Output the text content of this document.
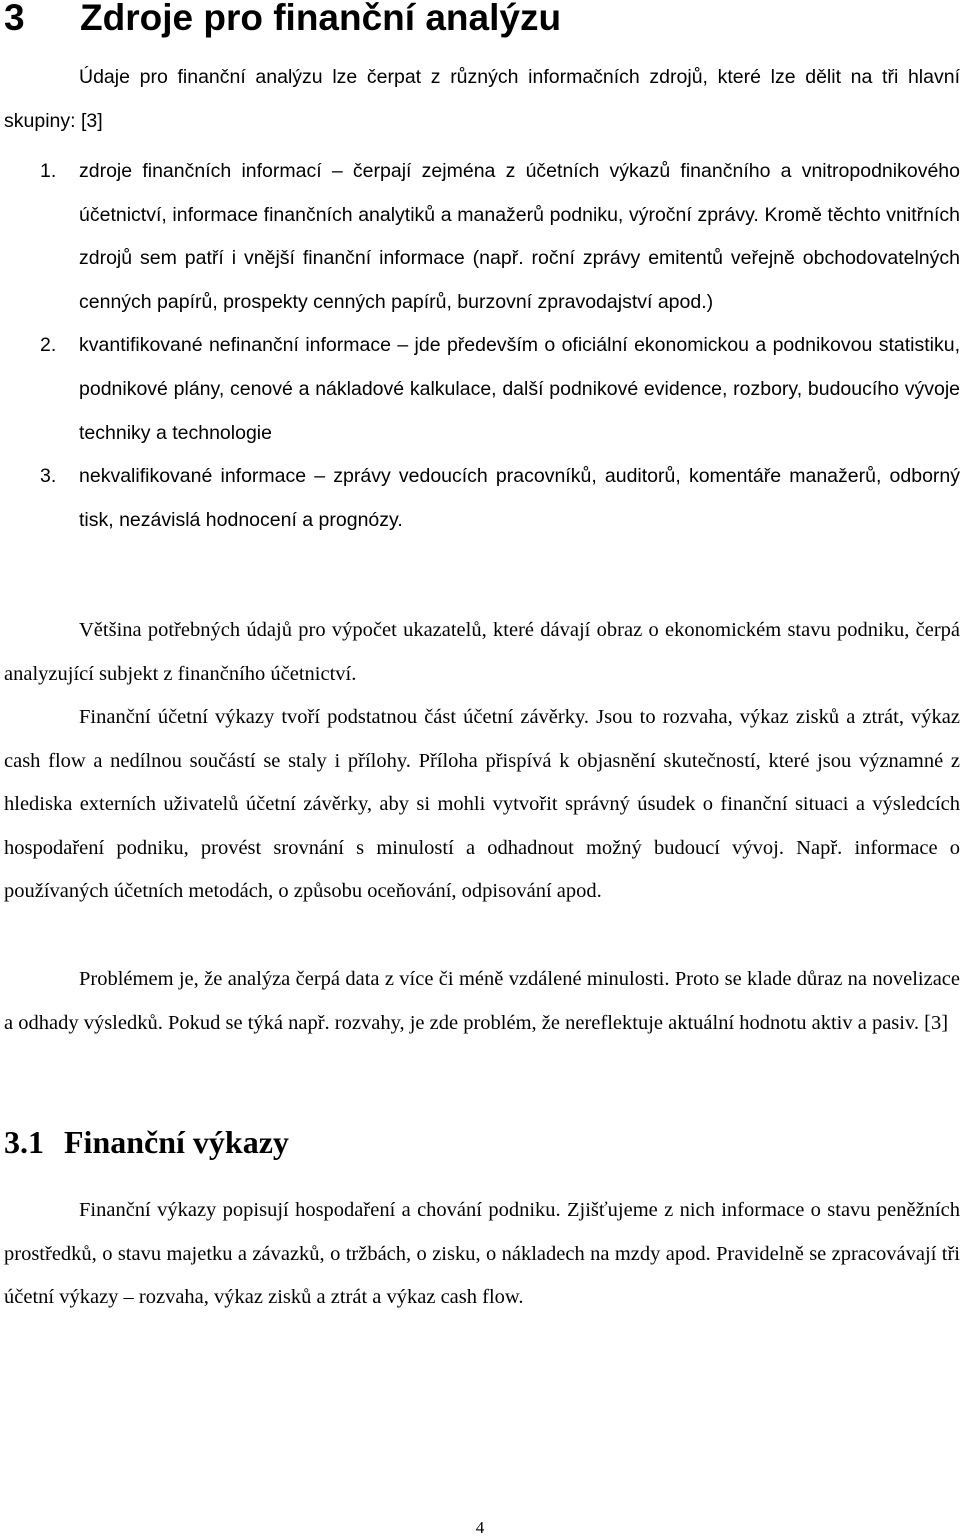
3 Zdroje pro finanční analýzu

Údaje pro finanční analýzu lze čerpat z různých informačních zdrojů, které lze dělit na tři hlavní skupiny: [3]

1. zdroje finančních informací – čerpají zejména z účetních výkazů finančního a vnitropodnikového účetnictví, informace finančních analytiků a manažerů podniku, výroční zprávy. Kromě těchto vnitřních zdrojů sem patří i vnější finanční informace (např. roční zprávy emitentů veřejně obchodovatelných cenných papírů, prospekty cenných papírů, burzovní zpravodajství apod.)
2. kvantifikované nefinanční informace – jde především o oficiální ekonomickou a podnikovou statistiku, podnikové plány, cenové a nákladové kalkulace, další podnikové evidence, rozbory, budoucího vývoje techniky a technologie
3. nekvalifikované informace – zprávy vedoucích pracovníků, auditorů, komentáře manažerů, odborný tisk, nezávislá hodnocení a prognózy.

Většina potřebných údajů pro výpočet ukazatelů, které dávají obraz o ekonomickém stavu podniku, čerpá analyzující subjekt z finančního účetnictví.

Finanční účetní výkazy tvoří podstatnou část účetní závěrky. Jsou to rozvaha, výkaz zisků a ztrát, výkaz cash flow a nedílnou součástí se staly i přílohy. Příloha přispívá k objasnění skutečností, které jsou významné z hlediska externích uživatelů účetní závěrky, aby si mohli vytvořit správný úsudek o finanční situaci a výsledcích hospodaření podniku, provést srovnání s minulostí a odhadnout možný budoucí vývoj. Např. informace o používaných účetních metodách, o způsobu oceňování, odpisování apod.

Problémem je, že analýza čerpá data z více či méně vzdálené minulosti. Proto se klade důraz na novelizace a odhady výsledků. Pokud se týká např. rozvahy, je zde problém, že nereflektuje aktuální hodnotu aktiv a pasiv. [3]

3.1 Finanční výkazy

Finanční výkazy popisují hospodaření a chování podniku. Zjišťujeme z nich informace o stavu peněžních prostředků, o stavu majetku a závazků, o tržbách, o zisku, o nákladech na mzdy apod. Pravidelně se zpracovávají tři účetní výkazy – rozvaha, výkaz zisků a ztrát a výkaz cash flow.

4
